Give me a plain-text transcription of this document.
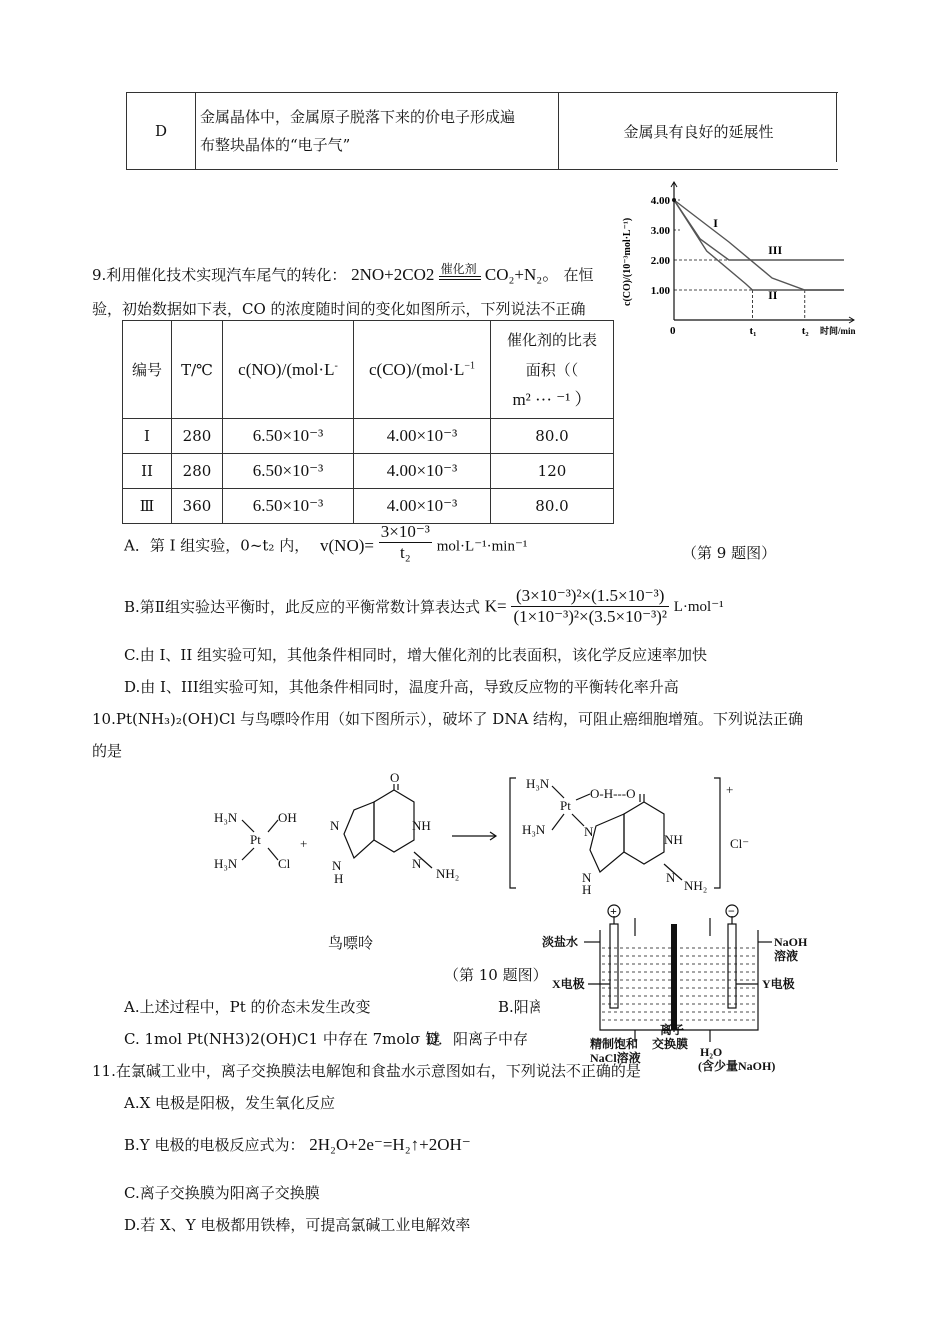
D	
金属晶体中，金属原子脱落下来的价电子形成遍
布整块晶体的“电子气”
	金属具有良好的延展性
9.利用催化技术实现汽车尾气的转化： 2NO+2CO2 催化剂 CO₂+N₂。 在恒
验，初始数据如下表，CO 的浓度随时间的变化如图所示，下列说法不正确
4.00
3.00
2.00
1.00
0	t₁	t₂ 时间/min
c(CO)/(10⁻³mol·L⁻¹)	I
II
III
编号	T/℃	c(NO)/(mol·L-	$c(CO)/(mol\cdot L^{-1}$	催化剂的比表
面积（（
m² ··· ⁻¹ ）

I	280	6.50×10⁻³	4.00×10⁻³	80.0
II	280	6.50×10⁻³	4.00×10⁻³	120
Ⅲ	360	6.50×10⁻³	4.00×10⁻³	80.0
A．第 I 组实验，0~t₂ 内， $v(NO)= \frac{\text{3×10⁻³}}{\text{t₂}} mol\cdot L^{-1}\cdot\min^{-1}$	（第 9 题图）
B.第Ⅱ组实验达平衡时，此反应的平衡常数计算表达式 $K= \frac{\text{(3×10⁻³)²×(1.5×10⁻³)}}{\text{(1×10⁻³)²×(3.5×10⁻³)²}} L\cdot mol^{-1}$
C.由 I、II 组实验可知，其他条件相同时，增大催化剂的比表面积，该化学反应速率加快
D.由 I、III组实验可知，其他条件相同时，温度升高，导致反应物的平衡转化率升高
10.Pt(NH₃)₂(OH)Cl 与鸟嘌呤作用（如下图所示），破坏了 DNA 结构，可阻止癌细胞增殖。下列说法正确
的是
H₃N	OH
Pt
H₃N	Cl
+
O
N	NH
N
N
H	NH₂
H₃N
Pt
O-H---O
H₃N	N
NH
N
N
H	NH₂
+
Cl⁻
鸟嘌呤
（第 10 题图）
A.上述过程中，Pt 的价态未发生改变	B.阳离
C. 1mol Pt(NH3)2(OH)C1 中存在 7molσ 键
D．阳离子中存
+	−
淡盐水	NaOH
溶液
X电极	Y电极
精制饱和
NaCl溶液
离子
交换膜
H₂O
(含少量NaOH)
11.在氯碱工业中，离子交换膜法电解饱和食盐水示意图如右，下列说法不正确的是
A.X 电极是阳极，发生氧化反应
B.Y 电极的电极反应式为： 2H₂O+2e⁻=H₂↑+2OH⁻
C.离子交换膜为阳离子交换膜
D.若 X、Y 电极都用铁棒，可提高氯碱工业电解效率
